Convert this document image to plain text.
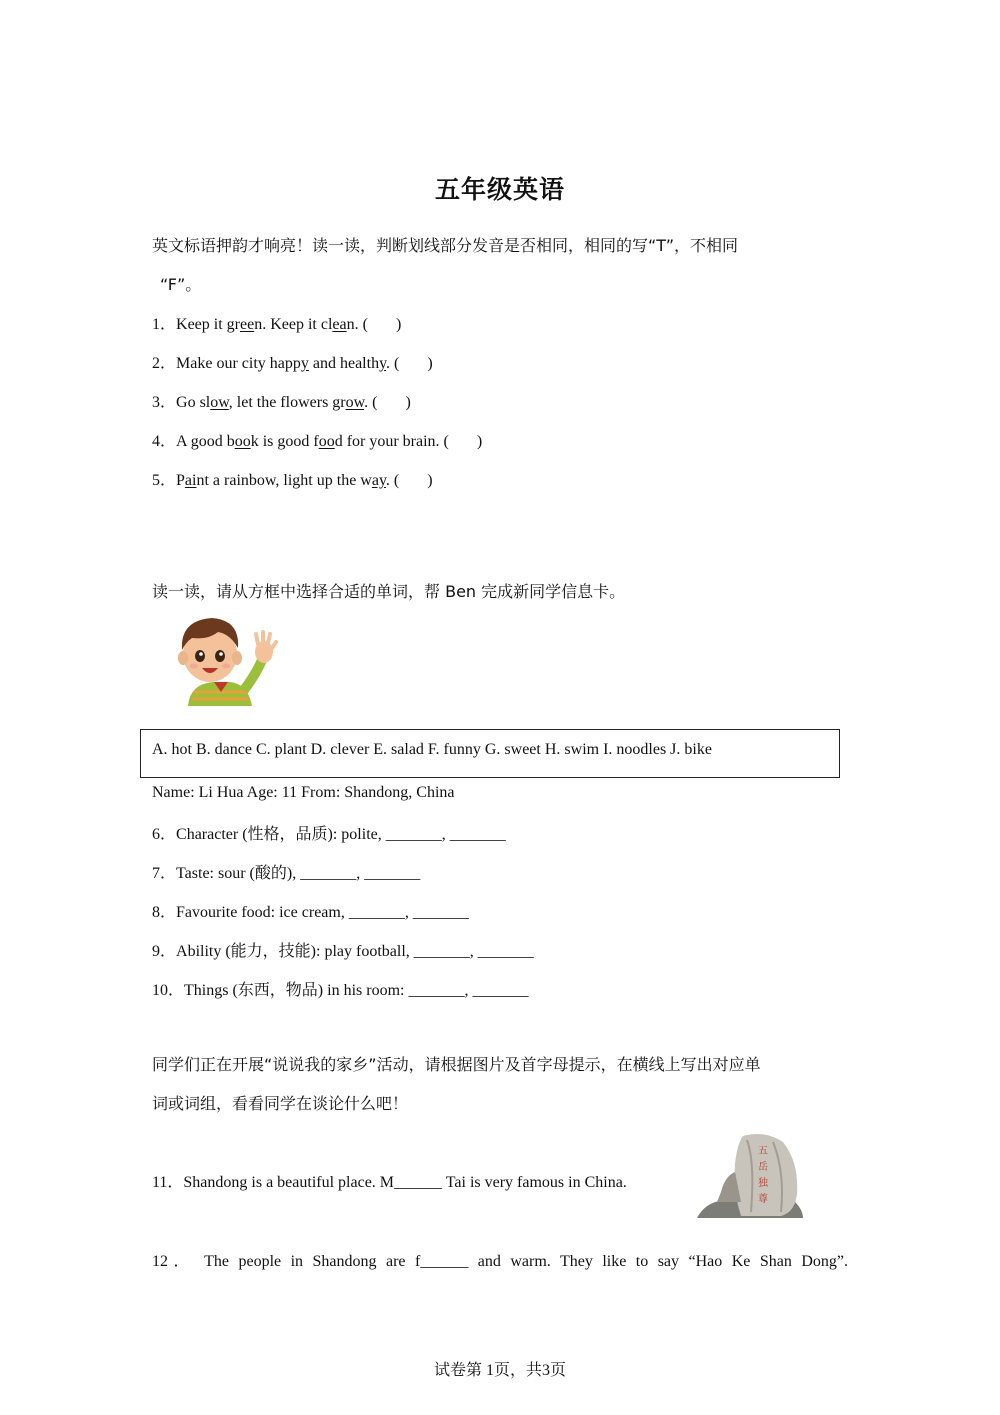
五年级英语
英文标语押韵才响亮！读一读，判断划线部分发音是否相同，相同的写“T”，不相同
“F”。
1．Keep it green. Keep it clean. ( )
2．Make our city happy and healthy. ( )
3．Go slow, let the flowers grow. ( )
4．A good book is good food for your brain. ( )
5．Paint a rainbow, light up the way. ( )
读一读，请从方框中选择合适的单词，帮 Ben 完成新同学信息卡。
A. hot B. dance C. plant D. clever E. salad F. funny G. sweet H. swim I. noodles J. bike
Name: Li Hua Age: 11 From: Shandong, China
6．Character (性格，品质): polite, _______, _______
7．Taste: sour (酸的), _______, _______
8．Favourite food: ice cream, _______, _______
9．Ability (能力，技能): play football, _______, _______
10．Things (东西，物品) in his room: _______, _______
同学们正在开展“说说我的家乡”活动，请根据图片及首字母提示，在横线上写出对应单
词或词组，看看同学在谈论什么吧！
11．Shandong is a beautiful place. M______ Tai is very famous in China.
五
岳
独
尊
12． The people in Shandong are f______ and warm. They like to say “Hao Ke Shan Dong”.
试卷第 1页，共3页
